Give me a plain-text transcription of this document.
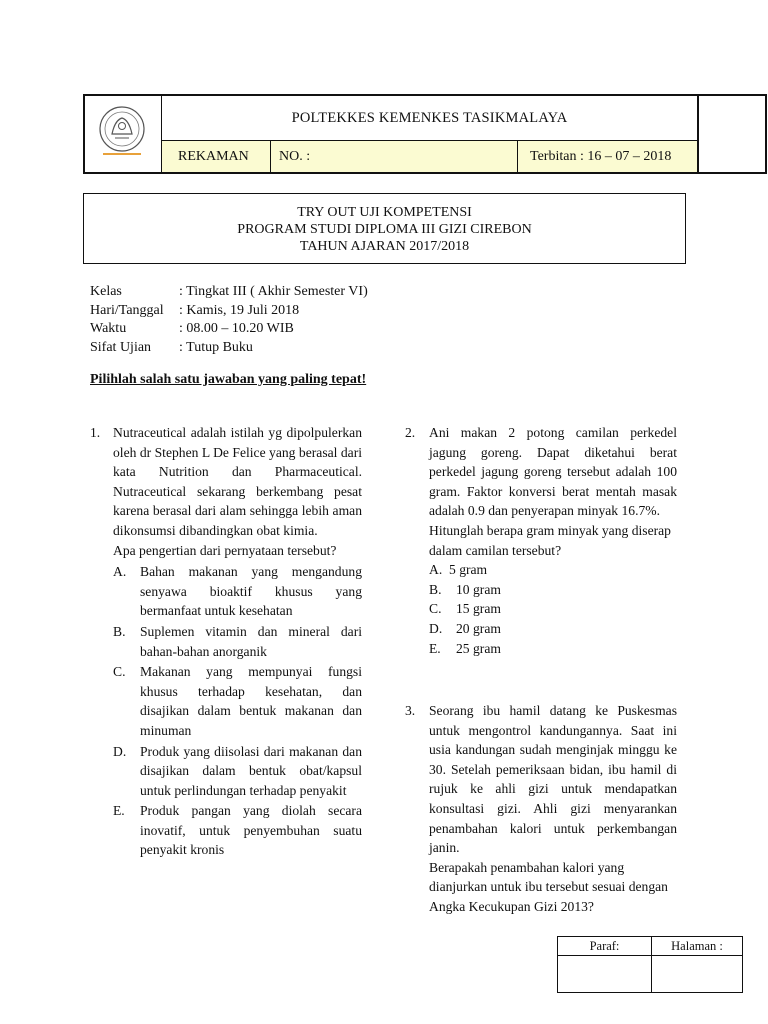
POLTEKKES KEMENKES TASIKMALAYA
REKAMAN	NO. :	Terbitan : 16 – 07 – 2018
TRY OUT UJI KOMPETENSI
PROGRAM STUDI DIPLOMA III GIZI CIREBON
TAHUN AJARAN 2017/2018
Kelas	: Tingkat III ( Akhir Semester VI)
Hari/Tanggal	: Kamis, 19 Juli 2018
Waktu	: 08.00 – 10.20 WIB
Sifat Ujian	: Tutup Buku
Pilihlah salah satu jawaban yang paling tepat!
1. Nutraceutical adalah istilah yg dipolpulerkan oleh dr Stephen L De Felice yang berasal dari kata Nutrition dan Pharmaceutical. Nutraceutical sekarang berkembang pesat karena berasal dari alam sehingga lebih aman dikonsumsi dibandingkan obat kimia.
Apa pengertian dari pernyataan tersebut?
A.	Bahan makanan yang mengandung senyawa bioaktif khusus yang bermanfaat untuk kesehatan
B.	Suplemen vitamin dan mineral dari bahan-bahan anorganik
C.	Makanan yang mempunyai fungsi khusus terhadap kesehatan, dan disajikan dalam bentuk makanan dan minuman
D.	Produk yang diisolasi dari makanan dan disajikan dalam bentuk obat/kapsul untuk perlindungan terhadap penyakit
E.	Produk pangan yang diolah secara inovatif, untuk penyembuhan suatu penyakit kronis
2.	Ani makan 2 potong camilan perkedel jagung goreng. Dapat diketahui berat perkedel jagung goreng tersebut adalah 100 gram. Faktor konversi berat mentah masak adalah 0.9 dan penyerapan minyak 16.7%.
Hitunglah berapa gram minyak yang diserap dalam camilan tersebut?
A. 5 gram
B.	10 gram
C.	15 gram
D.	20 gram
E.	25 gram
3.	Seorang ibu hamil datang ke Puskesmas untuk mengontrol kandungannya. Saat ini usia kandungan sudah menginjak minggu ke 30. Setelah pemeriksaan bidan, ibu hamil di rujuk ke ahli gizi untuk mendapatkan konsultasi gizi. Ahli gizi menyarankan penambahan kalori untuk perkembangan janin.
Berapakah penambahan kalori yang dianjurkan untuk ibu tersebut sesuai dengan Angka Kecukupan Gizi 2013?
Paraf:	Halaman :
